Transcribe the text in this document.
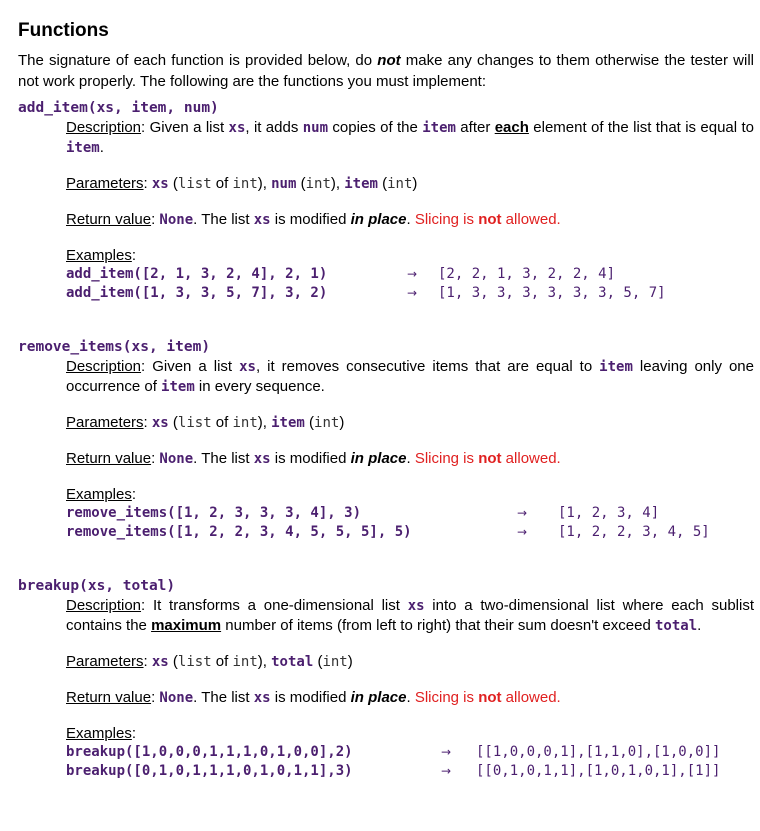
Functions

The signature of each function is provided below, do not make any changes to them otherwise the tester will not work properly. The following are the functions you must implement:

add_item(xs, item, num)
Description: Given a list xs, it adds num copies of the item after each element of the list that is equal to item.
Parameters: xs (list of int), num (int), item (int)
Return value: None. The list xs is modified in place. Slicing is not allowed.
Examples:
add_item([2, 1, 3, 2, 4], 2, 1)	→	[2, 2, 1, 3, 2, 2, 4]
add_item([1, 3, 3, 5, 7], 3, 2)	→	[1, 3, 3, 3, 3, 3, 3, 5, 7]
remove_items(xs, item)
Description: Given a list xs, it removes consecutive items that are equal to item leaving only one occurrence of item in every sequence.
Parameters: xs (list of int), item (int)
Return value: None. The list xs is modified in place. Slicing is not allowed.
Examples:
remove_items([1, 2, 3, 3, 3, 4], 3)	→	[1, 2, 3, 4]
remove_items([1, 2, 2, 3, 4, 5, 5, 5], 5)	→	[1, 2, 2, 3, 4, 5]
breakup(xs, total)
Description: It transforms a one-dimensional list xs into a two-dimensional list where each sublist contains the maximum number of items (from left to right) that their sum doesn't exceed total.
Parameters: xs (list of int), total (int)
Return value: None. The list xs is modified in place. Slicing is not allowed.
Examples:
breakup([1,0,0,0,1,1,1,0,1,0,0],2)	→	[[1,0,0,0,1],[1,1,0],[1,0,0]]
breakup([0,1,0,1,1,1,0,1,0,1,1],3)	→	[[0,1,0,1,1],[1,0,1,0,1],[1]]
